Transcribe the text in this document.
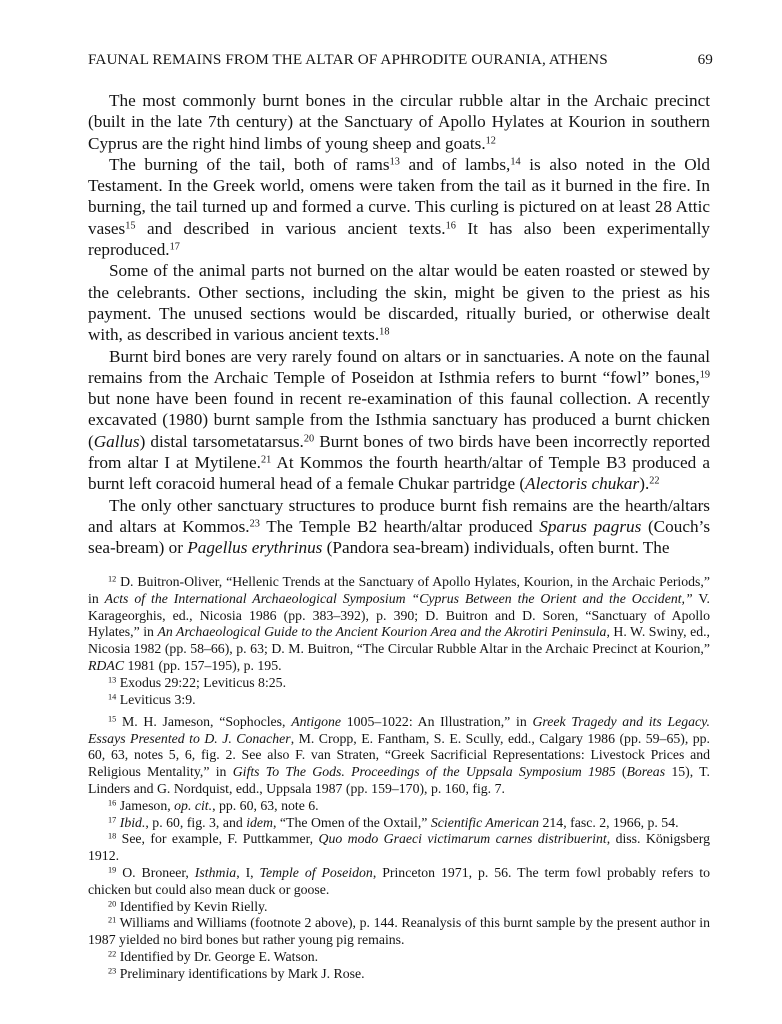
FAUNAL REMAINS FROM THE ALTAR OF APHRODITE OURANIA, ATHENS	69

The most commonly burnt bones in the circular rubble altar in the Archaic precinct (built in the late 7th century) at the Sanctuary of Apollo Hylates at Kourion in southern Cyprus are the right hind limbs of young sheep and goats.$^{12}$

The burning of the tail, both of rams$^{13}$ and of lambs,$^{14}$ is also noted in the Old Testament. In the Greek world, omens were taken from the tail as it burned in the fire. In burning, the tail turned up and formed a curve. This curling is pictured on at least 28 Attic vases$^{15}$ and described in various ancient texts.$^{16}$ It has also been experimentally reproduced.$^{17}$

Some of the animal parts not burned on the altar would be eaten roasted or stewed by the celebrants. Other sections, including the skin, might be given to the priest as his payment. The unused sections would be discarded, ritually buried, or otherwise dealt with, as described in various ancient texts.$^{18}$

Burnt bird bones are very rarely found on altars or in sanctuaries. A note on the faunal remains from the Archaic Temple of Poseidon at Isthmia refers to burnt “fowl” bones,$^{19}$ but none have been found in recent re-examination of this faunal collection. A recently excavated (1980) burnt sample from the Isthmia sanctuary has produced a burnt chicken (Gallus) distal tarsometatarsus.$^{20}$ Burnt bones of two birds have been incorrectly reported from altar I at Mytilene.$^{21}$ At Kommos the fourth hearth/altar of Temple B3 produced a burnt left coracoid humeral head of a female Chukar partridge (Alectoris chukar).$^{22}$

The only other sanctuary structures to produce burnt fish remains are the hearth/altars and altars at Kommos.$^{23}$ The Temple B2 hearth/altar produced Sparus pagrus (Couch’s sea-bream) or Pagellus erythrinus (Pandora sea-bream) individuals, often burnt. The

$^{12}$ D. Buitron-Oliver, “Hellenic Trends at the Sanctuary of Apollo Hylates, Kourion, in the Archaic Periods,” in Acts of the International Archaeological Symposium “Cyprus Between the Orient and the Occident,” V. Karageorghis, ed., Nicosia 1986 (pp. 383–392), p. 390; D. Buitron and D. Soren, “Sanctuary of Apollo Hylates,” in An Archaeological Guide to the Ancient Kourion Area and the Akrotiri Peninsula, H. W. Swiny, ed., Nicosia 1982 (pp. 58–66), p. 63; D. M. Buitron, “The Circular Rubble Altar in the Archaic Precinct at Kourion,” RDAC 1981 (pp. 157–195), p. 195.

$^{13}$ Exodus 29:22; Leviticus 8:25.

$^{14}$ Leviticus 3:9.

$^{15}$ M. H. Jameson, “Sophocles, Antigone 1005–1022: An Illustration,” in Greek Tragedy and its Legacy. Essays Presented to D. J. Conacher, M. Cropp, E. Fantham, S. E. Scully, edd., Calgary 1986 (pp. 59–65), pp. 60, 63, notes 5, 6, fig. 2. See also F. van Straten, “Greek Sacrificial Representations: Livestock Prices and Religious Mentality,” in Gifts To The Gods. Proceedings of the Uppsala Symposium 1985 (Boreas 15), T. Linders and G. Nordquist, edd., Uppsala 1987 (pp. 159–170), p. 160, fig. 7.

$^{16}$ Jameson, op. cit., pp. 60, 63, note 6.

$^{17}$ Ibid., p. 60, fig. 3, and idem, “The Omen of the Oxtail,” Scientific American 214, fasc. 2, 1966, p. 54.

$^{18}$ See, for example, F. Puttkammer, Quo modo Graeci victimarum carnes distribuerint, diss. Königsberg 1912.

$^{19}$ O. Broneer, Isthmia, I, Temple of Poseidon, Princeton 1971, p. 56. The term fowl probably refers to chicken but could also mean duck or goose.

$^{20}$ Identified by Kevin Rielly.

$^{21}$ Williams and Williams (footnote 2 above), p. 144. Reanalysis of this burnt sample by the present author in 1987 yielded no bird bones but rather young pig remains.

$^{22}$ Identified by Dr. George E. Watson.

$^{23}$ Preliminary identifications by Mark J. Rose.
